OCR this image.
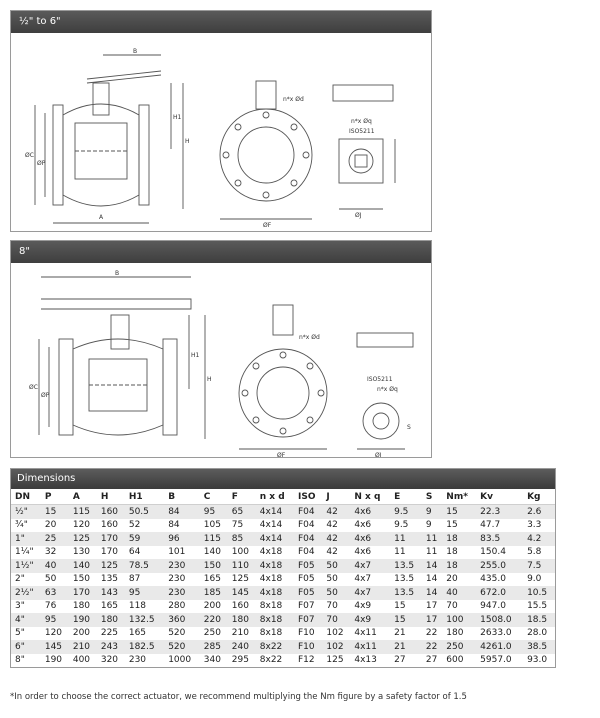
½" to 6"
B
H1
H
ØC
ØP
A
ØF
n*x Ød
n*x Øq
ISO5211
ØJ
8"
B
H1
H
ØC
ØP
ØF
n*x Ød
n*x Øq
ISO5211
ØJ
S
Dimensions
DN	P	A	H	H1	B	C	F	n x d	ISO	J	N x q	E	S	Nm*	Kv	Kg
½"	15	115	160	50.5	84	95	65	4x14	F04	42	4x6	9.5	9	15	22.3	2.6
¾"	20	120	160	52	84	105	75	4x14	F04	42	4x6	9.5	9	15	47.7	3.3
1"	25	125	170	59	96	115	85	4x14	F04	42	4x6	11	11	18	83.5	4.2
1¼"	32	130	170	64	101	140	100	4x18	F04	42	4x6	11	11	18	150.4	5.8
1½"	40	140	125	78.5	230	150	110	4x18	F05	50	4x7	13.5	14	18	255.0	7.5
2"	50	150	135	87	230	165	125	4x18	F05	50	4x7	13.5	14	20	435.0	9.0
2½"	63	170	143	95	230	185	145	4x18	F05	50	4x7	13.5	14	40	672.0	10.5
3"	76	180	165	118	280	200	160	8x18	F07	70	4x9	15	17	70	947.0	15.5
4"	95	190	180	132.5	360	220	180	8x18	F07	70	4x9	15	17	100	1508.0	18.5
5"	120	200	225	165	520	250	210	8x18	F10	102	4x11	21	22	180	2633.0	28.0
6"	145	210	243	182.5	520	285	240	8x22	F10	102	4x11	21	22	250	4261.0	38.5
8"	190	400	320	230	1000	340	295	8x22	F12	125	4x13	27	27	600	5957.0	93.0
*In order to choose the correct actuator, we recommend multiplying the Nm figure by a safety factor of 1.5
